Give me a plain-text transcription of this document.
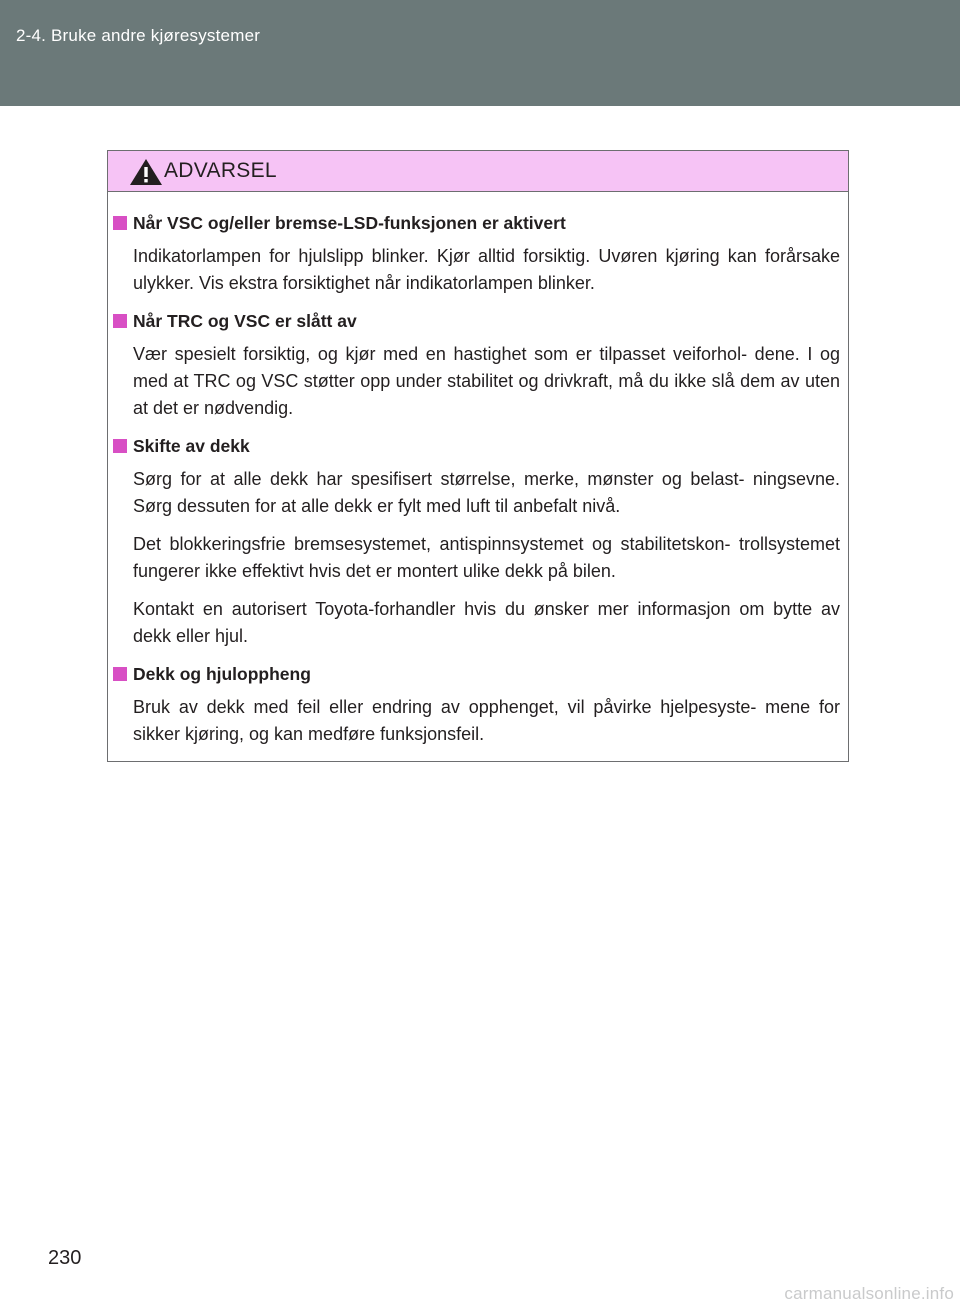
2-4. Bruke andre kjøresystemer
ADVARSEL
Når VSC og/eller bremse-LSD-funksjonen er aktivert

Indikatorlampen for hjulslipp blinker. Kjør alltid forsiktig. Uvøren kjøring kan forårsake ulykker. Vis ekstra forsiktighet når indikatorlampen blinker.

Når TRC og VSC er slått av

Vær spesielt forsiktig, og kjør med en hastighet som er tilpasset veiforhol- dene. I og med at TRC og VSC støtter opp under stabilitet og drivkraft, må du ikke slå dem av uten at det er nødvendig.

Skifte av dekk

Sørg for at alle dekk har spesifisert størrelse, merke, mønster og belast- ningsevne. Sørg dessuten for at alle dekk er fylt med luft til anbefalt nivå.

Det blokkeringsfrie bremsesystemet, antispinnsystemet og stabilitetskon- trollsystemet fungerer ikke effektivt hvis det er montert ulike dekk på bilen.

Kontakt en autorisert Toyota-forhandler hvis du ønsker mer informasjon om bytte av dekk eller hjul.

Dekk og hjuloppheng

Bruk av dekk med feil eller endring av opphenget, vil påvirke hjelpesyste- mene for sikker kjøring, og kan medføre funksjonsfeil.

230
carmanualsonline.info
